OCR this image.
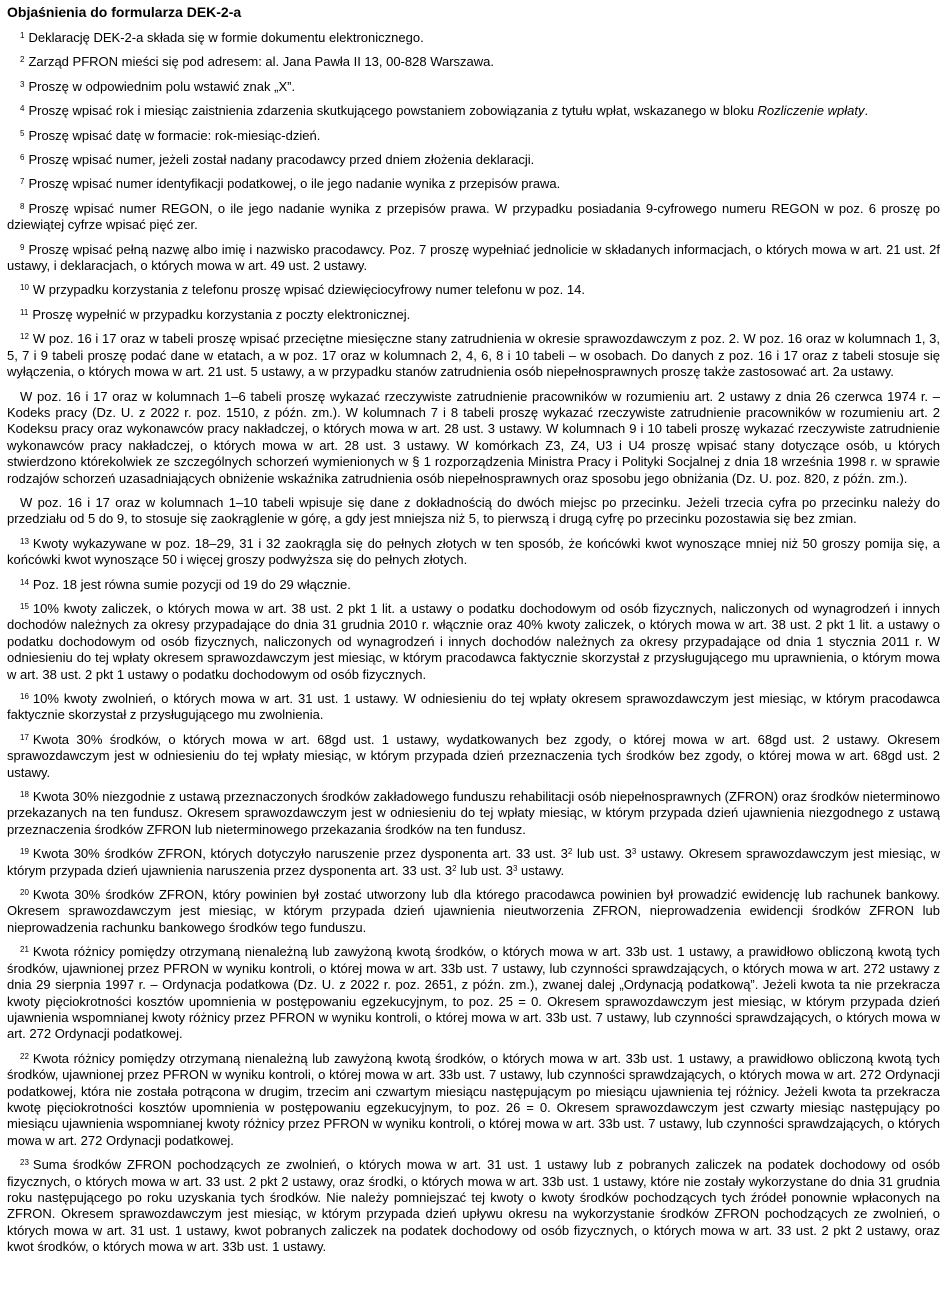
Objaśnienia do formularza DEK-2-a

$^1$ Deklarację DEK-2-a składa się w formie dokumentu elektronicznego.

$^2$ Zarząd PFRON mieści się pod adresem: al. Jana Pawła II 13, 00-828 Warszawa.

$^3$ Proszę w odpowiednim polu wstawić znak „X”.

$^4$ Proszę wpisać rok i miesiąc zaistnienia zdarzenia skutkującego powstaniem zobowiązania z tytułu wpłat, wskazanego w bloku Rozliczenie wpłaty.

$^5$ Proszę wpisać datę w formacie: rok-miesiąc-dzień.

$^6$ Proszę wpisać numer, jeżeli został nadany pracodawcy przed dniem złożenia deklaracji.

$^7$ Proszę wpisać numer identyfikacji podatkowej, o ile jego nadanie wynika z przepisów prawa.

$^8$ Proszę wpisać numer REGON, o ile jego nadanie wynika z przepisów prawa. W przypadku posiadania 9-cyfrowego numeru REGON w poz. 6 proszę po dziewiątej cyfrze wpisać pięć zer.

$^9$ Proszę wpisać pełną nazwę albo imię i nazwisko pracodawcy. Poz. 7 proszę wypełniać jednolicie w składanych informacjach, o których mowa w art. 21 ust. 2f ustawy, i deklaracjach, o których mowa w art. 49 ust. 2 ustawy.

$^{10}$ W przypadku korzystania z telefonu proszę wpisać dziewięciocyfrowy numer telefonu w poz. 14.

$^{11}$ Proszę wypełnić w przypadku korzystania z poczty elektronicznej.

$^{12}$ W poz. 16 i 17 oraz w tabeli proszę wpisać przeciętne miesięczne stany zatrudnienia w okresie sprawozdawczym z poz. 2. W poz. 16 oraz w kolumnach 1, 3, 5, 7 i 9 tabeli proszę podać dane w etatach, a w poz. 17 oraz w kolumnach 2, 4, 6, 8 i 10 tabeli – w osobach. Do danych z poz. 16 i 17 oraz z tabeli stosuje się wyłączenia, o których mowa w art. 21 ust. 5 ustawy, a w przypadku stanów zatrudnienia osób niepełnosprawnych proszę także zastosować art. 2a ustawy.

W poz. 16 i 17 oraz w kolumnach 1–6 tabeli proszę wykazać rzeczywiste zatrudnienie pracowników w rozumieniu art. 2 ustawy z dnia 26 czerwca 1974 r. – Kodeks pracy (Dz. U. z 2022 r. poz. 1510, z późn. zm.). W kolumnach 7 i 8 tabeli proszę wykazać rzeczywiste zatrudnienie pracowników w rozumieniu art. 2 Kodeksu pracy oraz wykonawców pracy nakładczej, o których mowa w art. 28 ust. 3 ustawy. W kolumnach 9 i 10 tabeli proszę wykazać rzeczywiste zatrudnienie wykonawców pracy nakładczej, o których mowa w art. 28 ust. 3 ustawy. W komórkach Z3, Z4, U3 i U4 proszę wpisać stany dotyczące osób, u których stwierdzono którekolwiek ze szczególnych schorzeń wymienionych w § 1 rozporządzenia Ministra Pracy i Polityki Socjalnej z dnia 18 września 1998 r. w sprawie rodzajów schorzeń uzasadniających obniżenie wskaźnika zatrudnienia osób niepełnosprawnych oraz sposobu jego obniżania (Dz. U. poz. 820, z późn. zm.).

W poz. 16 i 17 oraz w kolumnach 1–10 tabeli wpisuje się dane z dokładnością do dwóch miejsc po przecinku. Jeżeli trzecia cyfra po przecinku należy do przedziału od 5 do 9, to stosuje się zaokrąglenie w górę, a gdy jest mniejsza niż 5, to pierwszą i drugą cyfrę po przecinku pozostawia się bez zmian.

$^{13}$ Kwoty wykazywane w poz. 18–29, 31 i 32 zaokrągla się do pełnych złotych w ten sposób, że końcówki kwot wynoszące mniej niż 50 groszy pomija się, a końcówki kwot wynoszące 50 i więcej groszy podwyższa się do pełnych złotych.

$^{14}$ Poz. 18 jest równa sumie pozycji od 19 do 29 włącznie.

$^{15}$ 10% kwoty zaliczek, o których mowa w art. 38 ust. 2 pkt 1 lit. a ustawy o podatku dochodowym od osób fizycznych, naliczonych od wynagrodzeń i innych dochodów należnych za okresy przypadające do dnia 31 grudnia 2010 r. włącznie oraz 40% kwoty zaliczek, o których mowa w art. 38 ust. 2 pkt 1 lit. a ustawy o podatku dochodowym od osób fizycznych, naliczonych od wynagrodzeń i innych dochodów należnych za okresy przypadające od dnia 1 stycznia 2011 r. W odniesieniu do tej wpłaty okresem sprawozdawczym jest miesiąc, w którym pracodawca faktycznie skorzystał z przysługującego mu uprawnienia, o którym mowa w art. 38 ust. 2 pkt 1 ustawy o podatku dochodowym od osób fizycznych.

$^{16}$ 10% kwoty zwolnień, o których mowa w art. 31 ust. 1 ustawy. W odniesieniu do tej wpłaty okresem sprawozdawczym jest miesiąc, w którym pracodawca faktycznie skorzystał z przysługującego mu zwolnienia.

$^{17}$ Kwota 30% środków, o których mowa w art. 68gd ust. 1 ustawy, wydatkowanych bez zgody, o której mowa w art. 68gd ust. 2 ustawy. Okresem sprawozdawczym jest w odniesieniu do tej wpłaty miesiąc, w którym przypada dzień przeznaczenia tych środków bez zgody, o której mowa w art. 68gd ust. 2 ustawy.

$^{18}$ Kwota 30% niezgodnie z ustawą przeznaczonych środków zakładowego funduszu rehabilitacji osób niepełnosprawnych (ZFRON) oraz środków nieterminowo przekazanych na ten fundusz. Okresem sprawozdawczym jest w odniesieniu do tej wpłaty miesiąc, w którym przypada dzień ujawnienia niezgodnego z ustawą przeznaczenia środków ZFRON lub nieterminowego przekazania środków na ten fundusz.

$^{19}$ Kwota 30% środków ZFRON, których dotyczyło naruszenie przez dysponenta art. 33 ust. $3^2$ lub ust. $3^3$ ustawy. Okresem sprawozdawczym jest miesiąc, w którym przypada dzień ujawnienia naruszenia przez dysponenta art. 33 ust. $3^2$ lub ust. $3^3$ ustawy.

$^{20}$ Kwota 30% środków ZFRON, który powinien był zostać utworzony lub dla którego pracodawca powinien był prowadzić ewidencję lub rachunek bankowy. Okresem sprawozdawczym jest miesiąc, w którym przypada dzień ujawnienia nieutworzenia ZFRON, nieprowadzenia ewidencji środków ZFRON lub nieprowadzenia rachunku bankowego środków tego funduszu.

$^{21}$ Kwota różnicy pomiędzy otrzymaną nienależną lub zawyżoną kwotą środków, o których mowa w art. 33b ust. 1 ustawy, a prawidłowo obliczoną kwotą tych środków, ujawnionej przez PFRON w wyniku kontroli, o której mowa w art. 33b ust. 7 ustawy, lub czynności sprawdzających, o których mowa w art. 272 ustawy z dnia 29 sierpnia 1997 r. – Ordynacja podatkowa (Dz. U. z 2022 r. poz. 2651, z późn. zm.), zwanej dalej „Ordynacją podatkową”. Jeżeli kwota ta nie przekracza kwoty pięciokrotności kosztów upomnienia w postępowaniu egzekucyjnym, to poz. 25 = 0. Okresem sprawozdawczym jest miesiąc, w którym przypada dzień ujawnienia wspomnianej kwoty różnicy przez PFRON w wyniku kontroli, o której mowa w art. 33b ust. 7 ustawy, lub czynności sprawdzających, o których mowa w art. 272 Ordynacji podatkowej.

$^{22}$ Kwota różnicy pomiędzy otrzymaną nienależną lub zawyżoną kwotą środków, o których mowa w art. 33b ust. 1 ustawy, a prawidłowo obliczoną kwotą tych środków, ujawnionej przez PFRON w wyniku kontroli, o której mowa w art. 33b ust. 7 ustawy, lub czynności sprawdzających, o których mowa w art. 272 Ordynacji podatkowej, która nie została potrącona w drugim, trzecim ani czwartym miesiącu następującym po miesiącu ujawnienia tej różnicy. Jeżeli kwota ta przekracza kwotę pięciokrotności kosztów upomnienia w postępowaniu egzekucyjnym, to poz. 26 = 0. Okresem sprawozdawczym jest czwarty miesiąc następujący po miesiącu ujawnienia wspomnianej kwoty różnicy przez PFRON w wyniku kontroli, o której mowa w art. 33b ust. 7 ustawy, lub czynności sprawdzających, o których mowa w art. 272 Ordynacji podatkowej.

$^{23}$ Suma środków ZFRON pochodzących ze zwolnień, o których mowa w art. 31 ust. 1 ustawy lub z pobranych zaliczek na podatek dochodowy od osób fizycznych, o których mowa w art. 33 ust. 2 pkt 2 ustawy, oraz środki, o których mowa w art. 33b ust. 1 ustawy, które nie zostały wykorzystane do dnia 31 grudnia roku następującego po roku uzyskania tych środków. Nie należy pomniejszać tej kwoty o kwoty środków pochodzących tych źródeł ponownie wpłaconych na ZFRON. Okresem sprawozdawczym jest miesiąc, w którym przypada dzień upływu okresu na wykorzystanie środków ZFRON pochodzących ze zwolnień, o których mowa w art. 31 ust. 1 ustawy, kwot pobranych zaliczek na podatek dochodowy od osób fizycznych, o których mowa w art. 33 ust. 2 pkt 2 ustawy, oraz kwot środków, o których mowa w art. 33b ust. 1 ustawy.
